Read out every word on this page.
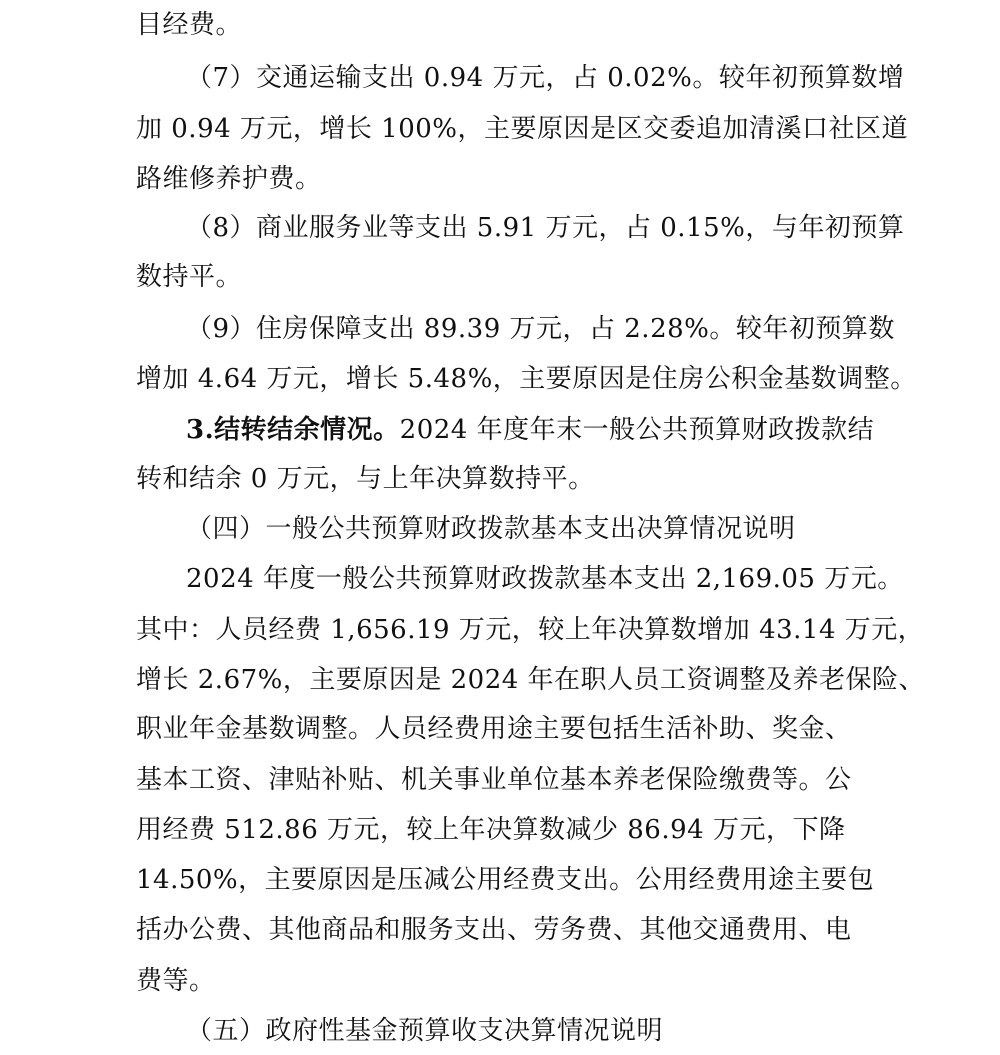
目经费。
（7）交通运输支出 0.94 万元，占 0.02%。较年初预算数增
加 0.94 万元，增长 100%，主要原因是区交委追加清溪口社区道
路维修养护费。
（8）商业服务业等支出 5.91 万元，占 0.15%，与年初预算
数持平。
（9）住房保障支出 89.39 万元，占 2.28%。较年初预算数
增加 4.64 万元，增长 5.48%，主要原因是住房公积金基数调整。
3.结转结余情况。2024 年度年末一般公共预算财政拨款结
转和结余 0 万元，与上年决算数持平。
（四）一般公共预算财政拨款基本支出决算情况说明
2024 年度一般公共预算财政拨款基本支出 2,169.05 万元。
其中：人员经费 1,656.19 万元，较上年决算数增加 43.14 万元，
增长 2.67%，主要原因是 2024 年在职人员工资调整及养老保险、
职业年金基数调整。人员经费用途主要包括生活补助、奖金、
基本工资、津贴补贴、机关事业单位基本养老保险缴费等。公
用经费 512.86 万元，较上年决算数减少 86.94 万元，下降
14.50%，主要原因是压减公用经费支出。公用经费用途主要包
括办公费、其他商品和服务支出、劳务费、其他交通费用、电
费等。
（五）政府性基金预算收支决算情况说明
